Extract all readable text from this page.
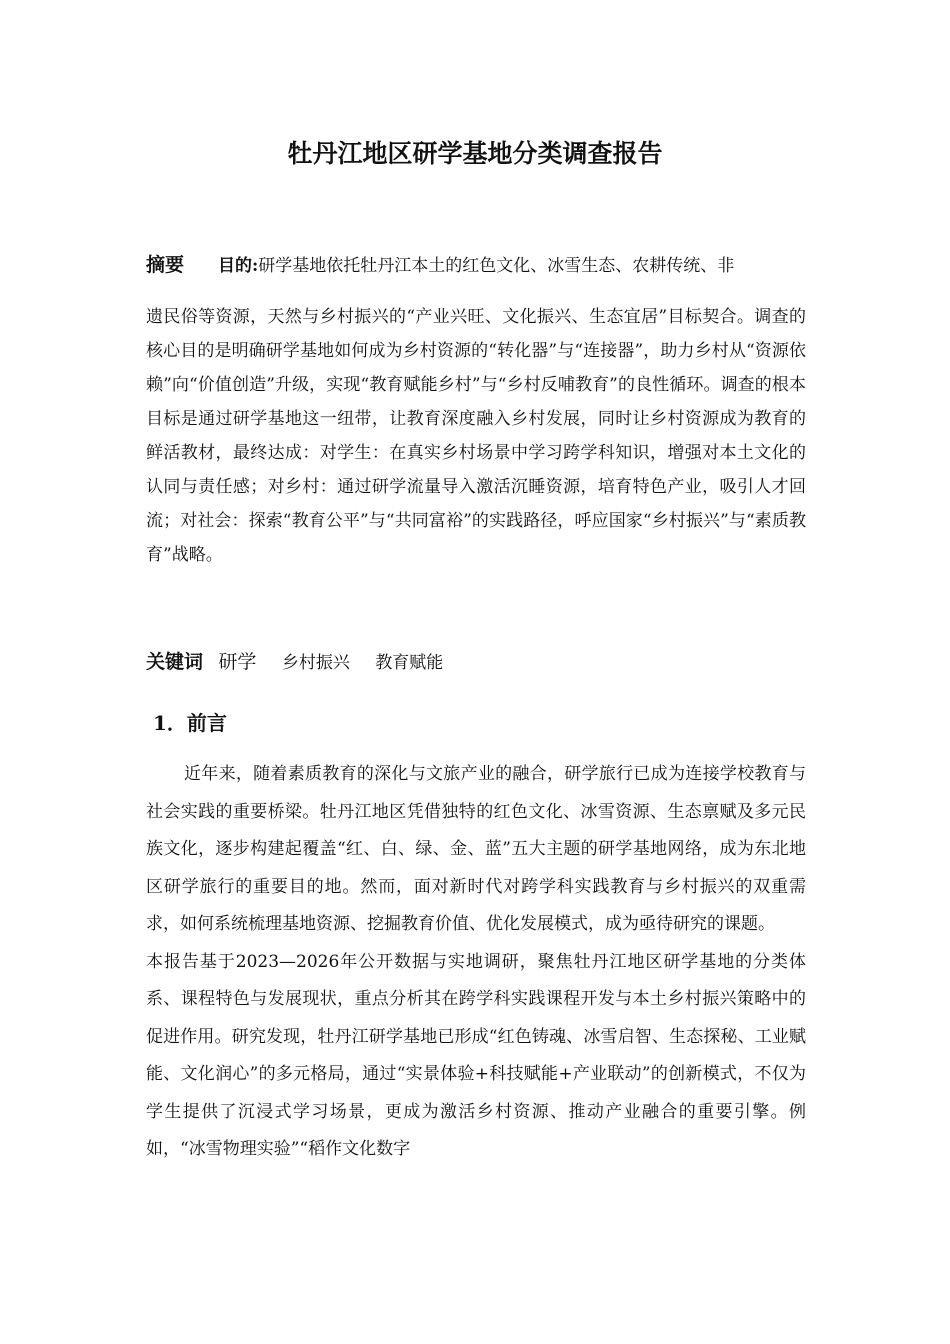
牡丹江地区研学基地分类调查报告
摘要 目的:研学基地依托牡丹江本土的红色文化、冰雪生态、农耕传统、非
遗民俗等资源，天然与乡村振兴的“产业兴旺、文化振兴、生态宜居”目标契合。调查的核心目的是明确研学基地如何成为乡村资源的“转化器”与“连接器”，助力乡村从“资源依赖”向“价值创造”升级，实现“教育赋能乡村”与“乡村反哺教育”的良性循环。调查的根本目标是通过研学基地这一纽带，让教育深度融入乡村发展，同时让乡村资源成为教育的鲜活教材，最终达成：对学生：在真实乡村场景中学习跨学科知识，增强对本土文化的认同与责任感；对乡村：通过研学流量导入激活沉睡资源，培育特色产业，吸引人才回流；对社会：探索“教育公平”与“共同富裕”的实践路径，呼应国家“乡村振兴”与“素质教育”战略。
关键词 研学 乡村振兴 教育赋能
1．前言

近年来，随着素质教育的深化与文旅产业的融合，研学旅行已成为连接学校教育与社会实践的重要桥梁。牡丹江地区凭借独特的红色文化、冰雪资源、生态禀赋及多元民族文化，逐步构建起覆盖“红、白、绿、金、蓝”五大主题的研学基地网络，成为东北地区研学旅行的重要目的地。然而，面对新时代对跨学科实践教育与乡村振兴的双重需求，如何系统梳理基地资源、挖掘教育价值、优化发展模式，成为亟待研究的课题。

本报告基于2023—2026年公开数据与实地调研，聚焦牡丹江地区研学基地的分类体系、课程特色与发展现状，重点分析其在跨学科实践课程开发与本土乡村振兴策略中的促进作用。研究发现，牡丹江研学基地已形成“红色铸魂、冰雪启智、生态探秘、工业赋能、文化润心”的多元格局，通过“实景体验+科技赋能+产业联动”的创新模式，不仅为学生提供了沉浸式学习场景，更成为激活乡村资源、推动产业融合的重要引擎。例如，“冰雪物理实验”“稻作文化数字
